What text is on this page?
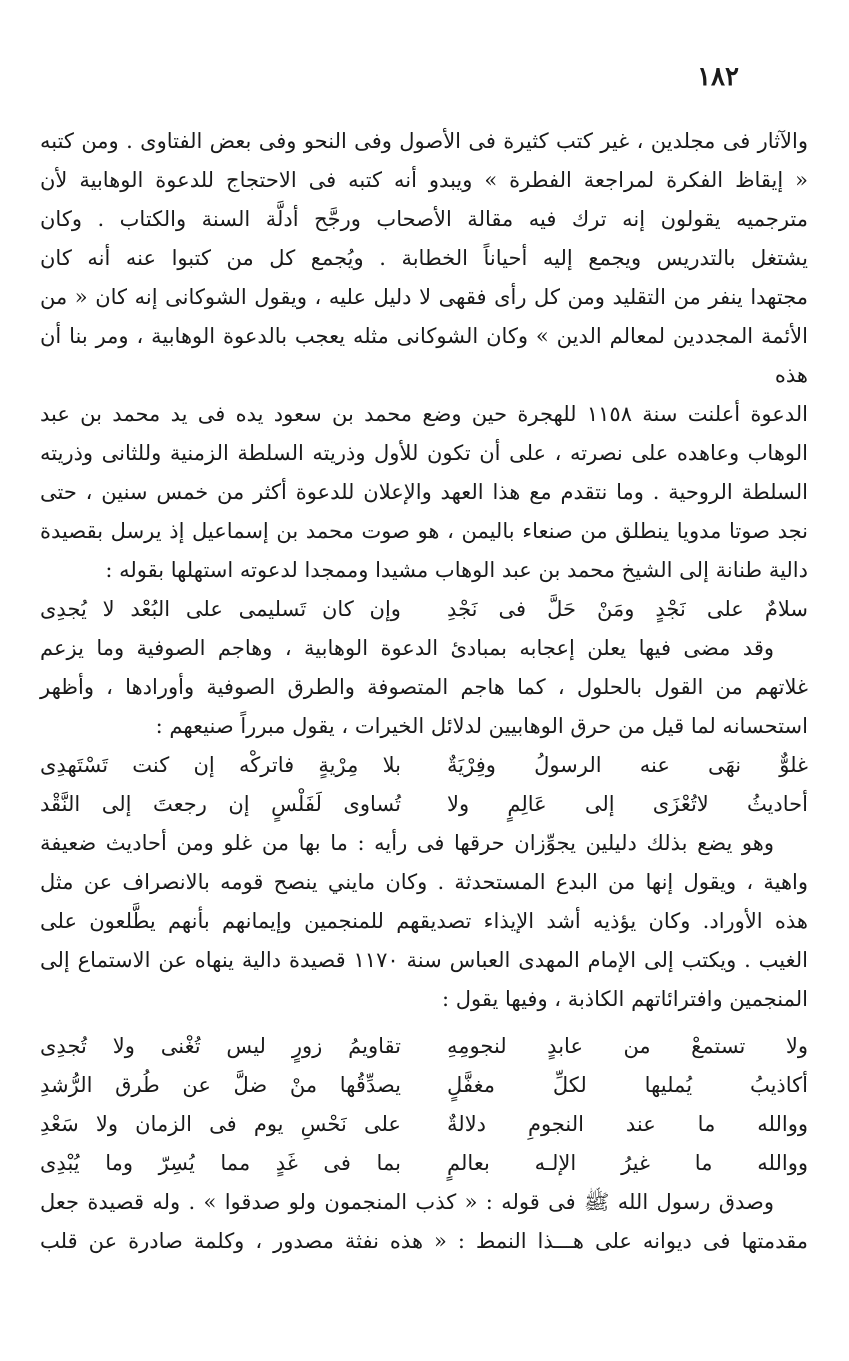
١٨٢

والآثار فى مجلدين ، غير كتب كثيرة فى الأصول وفى النحو وفى بعض الفتاوى . ومن كتبه

« إيقاظ الفكرة لمراجعة الفطرة » ويبدو أنه كتبه فى الاحتجاج للدعوة الوهابية لأن

مترجميه يقولون إنه ترك فيه مقالة الأصحاب ورجَّح أدلَّة السنة والكتاب . وكان

يشتغل بالتدريس ويجمع إليه أحياناً الخطابة . ويُجمع كل من كتبوا عنه أنه كان

مجتهدا ينفر من التقليد ومن كل رأى فقهى لا دليل عليه ، ويقول الشوكانى إنه كان « من

الأئمة المجددين لمعالم الدين » وكان الشوكانى مثله يعجب بالدعوة الوهابية ، ومر بنا أن هذه

الدعوة أعلنت سنة ١١٥٨ للهجرة حين وضع محمد بن سعود يده فى يد محمد بن عبد

الوهاب وعاهده على نصرته ، على أن تكون للأول وذريته السلطة الزمنية وللثانى وذريته

السلطة الروحية . وما نتقدم مع هذا العهد والإعلان للدعوة أكثر من خمس سنين ، حتى

نجد صوتا مدويا ينطلق من صنعاء باليمن ، هو صوت محمد بن إسماعيل إذ يرسل بقصيدة

دالية طنانة إلى الشيخ محمد بن عبد الوهاب مشيدا وممجدا لدعوته استهلها بقوله :

سلامٌ على نَجْدٍ ومَنْ حَلَّ فى نَجْدِ
وإن كان تَسليمى على البُعْد لا يُجدِى

وقد مضى فيها يعلن إعجابه بمبادئ الدعوة الوهابية ، وهاجم الصوفية وما يزعم

غلاتهم من القول بالحلول ، كما هاجم المتصوفة والطرق الصوفية وأورادها ، وأظهر

استحسانه لما قيل من حرق الوهابيين لدلائل الخيرات ، يقول مبرراً صنيعهم :

غلوٌّ نهَى عنه الرسولُ وفِرْيَةٌ
بلا مِرْيةٍ فاتركْه إن كنت تَسْتَهدِى
أحاديثُ لاتُعْزَى إلى عَالِمٍ ولا
تُساوى لَفَلْسٍ إن رجعتَ إلى النَّقْد

وهو يضع بذلك دليلين يجوِّزان حرقها فى رأيه : ما بها من غلو ومن أحاديث ضعيفة

واهية ، ويقول إنها من البدع المستحدثة . وكان مايني ينصح قومه بالانصراف عن مثل

هذه الأوراد. وكان يؤذيه أشد الإيذاء تصديقهم للمنجمين وإيمانهم بأنهم يطَّلعون على

الغيب . ويكتب إلى الإمام المهدى العباس سنة ١١٧٠ قصيدة دالية ينهاه عن الاستماع إلى

المنجمين وافترائاتهم الكاذبة ، وفيها يقول :

ولا تستمعْ من عابدٍ لنجومِهِ
تقاويمُ زورٍ ليس تُغْنى ولا تُجدِى
أكاذيبُ يُمليها لكلِّ مغفَّلٍ
يصدِّقُها منْ ضلَّ عن طُرق الرُّشدِ
ووالله ما عند النجومِ دلالةٌ
على نَحْسِ يوم فى الزمان ولا سَعْدِ
ووالله ما غيرُ الإلـه بعالمٍ
بما فى غَدٍ مما يُسِرّ وما يُبْدِى

وصدق رسول الله ﷺ فى قوله : « كذب المنجمون ولو صدقوا » . وله قصيدة جعل

مقدمتها فى ديوانه على هـــذا النمط : « هذه نفثة مصدور ، وكلمة صادرة عن قلب
